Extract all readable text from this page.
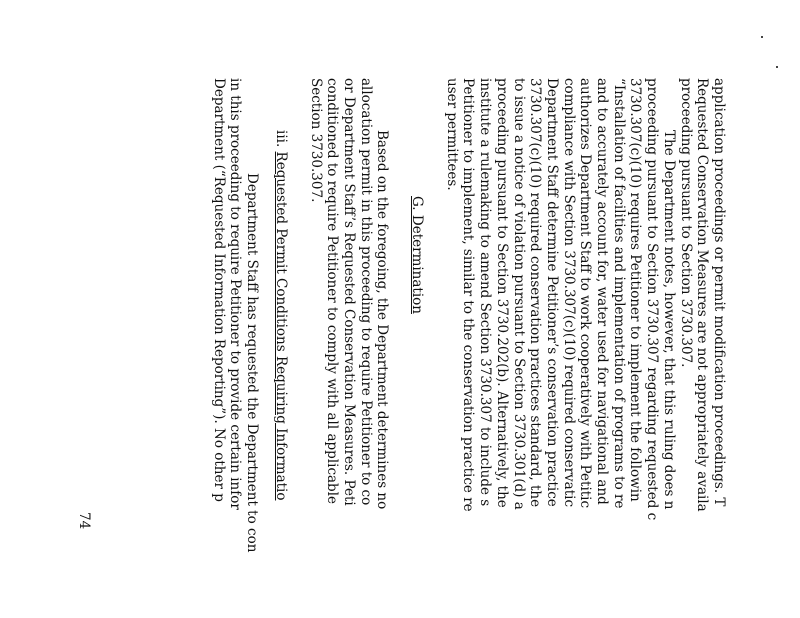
application proceedings or permit modification proceedings. T

Requested Conservation Measures are not appropriately availa

proceeding pursuant to Section 3730.307.

The Department notes, however, that this ruling does n

proceeding pursuant to Section 3730.307 regarding requested c

3730.307(c)(10) requires Petitioner to implement the followin

“Installation of facilities and implementation of programs to re

and to accurately account for, water used for navigational and

authorizes Department Staff to work cooperatively with Petitic

compliance with Section 3730.307(c)(10) required conservatic

Department Staff determine Petitioner’s conservation practice

3730.307(c)(10) required conservation practices standard, the

to issue a notice of violation pursuant to Section 3730.301(d) a

proceeding pursuant to Section 3730.202(b). Alternatively, the

institute a rulemaking to amend Section 3730.307 to include s

Petitioner to implement, similar to the conservation practice re

user permittees.

G. Determination

Based on the foregoing, the Department determines no

allocation permit in this proceeding to require Petitioner to co

or Department Staff’s Requested Conservation Measures. Peti

conditioned to require Petitioner to comply with all applicable

Section 3730.307.

iii. Requested Permit Conditions Requiring Informatio

Department Staff has requested the Department to con

in this proceeding to require Petitioner to provide certain infor

Department (“Requested Information Reporting”). No other p

74
